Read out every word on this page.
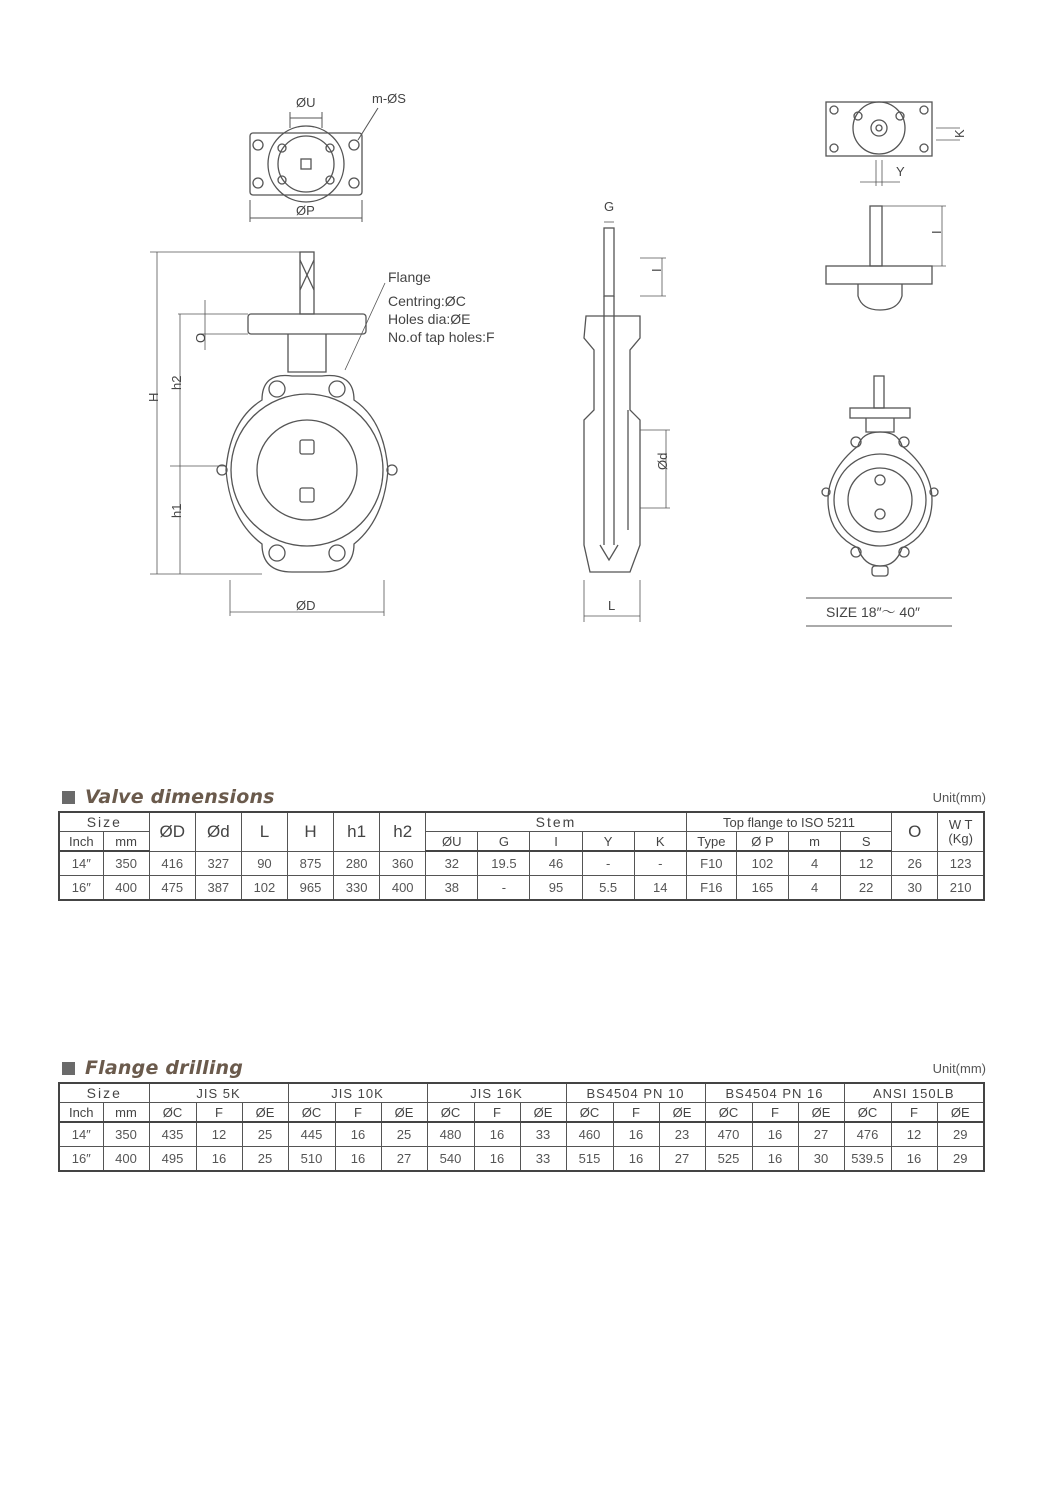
ØU	m-ØS
ØP
Flange
Centring:ØC
Holes dia:ØE
No.of tap holes:F
H
h2
h1
O
ØD
G
I
Ød
L
K
Y
I
SIZE 18″～ 40″
Valve dimensions	Unit(mm)
Size		ØD	Ød	L	H	h1	h2	Stem					Top flange to ISO 5211				O	W T
(Kg)
Inch	mm							ØU	G	I	Y	K	Type	Ø P	m	S		
14″	350	416	327	90	875	280	360	32	19.5	46	-	-	F10	102	4	12	26	123
16″	400	475	387	102	965	330	400	38	-	95	5.5	14	F16	165	4	22	30	210
Flange drilling	Unit(mm)
Size		JIS 5K			JIS 10K			JIS 16K			BS4504 PN 10			BS4504 PN 16			ANSI 150LB		
Inch	mm	ØC	F	ØE	ØC	F	ØE	ØC	F	ØE	ØC	F	ØE	ØC	F	ØE	ØC	F	ØE
14″	350	435	12	25	445	16	25	480	16	33	460	16	23	470	16	27	476	12	29
16″	400	495	16	25	510	16	27	540	16	33	515	16	27	525	16	30	539.5	16	29
